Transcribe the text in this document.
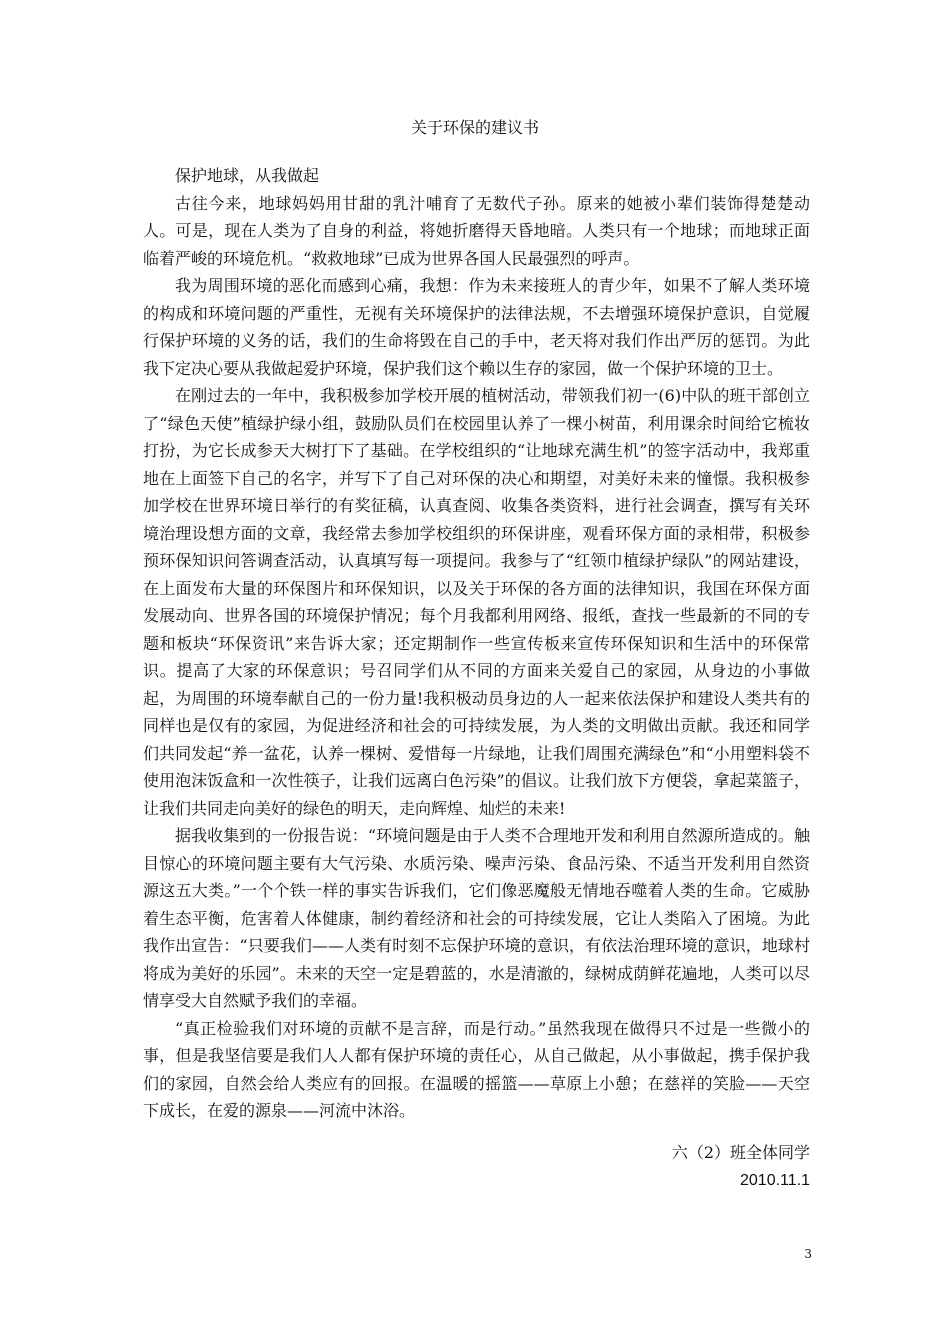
关于环保的建议书

保护地球，从我做起

古往今来，地球妈妈用甘甜的乳汁哺育了无数代子孙。原来的她被小辈们装饰得楚楚动人。可是，现在人类为了自身的利益，将她折磨得天昏地暗。人类只有一个地球；而地球正面临着严峻的环境危机。“救救地球”已成为世界各国人民最强烈的呼声。

我为周围环境的恶化而感到心痛，我想：作为未来接班人的青少年，如果不了解人类环境的构成和环境问题的严重性，无视有关环境保护的法律法规，不去增强环境保护意识，自觉履行保护环境的义务的话，我们的生命将毁在自己的手中，老天将对我们作出严厉的惩罚。为此我下定决心要从我做起爱护环境，保护我们这个赖以生存的家园，做一个保护环境的卫士。

在刚过去的一年中，我积极参加学校开展的植树活动，带领我们初一(6)中队的班干部创立了“绿色天使”植绿护绿小组，鼓励队员们在校园里认养了一棵小树苗，利用课余时间给它梳妆打扮，为它长成参天大树打下了基础。在学校组织的“让地球充满生机”的签字活动中，我郑重地在上面签下自己的名字，并写下了自己对环保的决心和期望，对美好未来的憧憬。我积极参加学校在世界环境日举行的有奖征稿，认真查阅、收集各类资料，进行社会调查，撰写有关环境治理设想方面的文章，我经常去参加学校组织的环保讲座，观看环保方面的录相带，积极参预环保知识问答调查活动，认真填写每一项提问。我参与了“红领巾植绿护绿队”的网站建设，在上面发布大量的环保图片和环保知识，以及关于环保的各方面的法律知识，我国在环保方面发展动向、世界各国的环境保护情况；每个月我都利用网络、报纸，查找一些最新的不同的专题和板块“环保资讯”来告诉大家；还定期制作一些宣传板来宣传环保知识和生活中的环保常识。提高了大家的环保意识；号召同学们从不同的方面来关爱自己的家园，从身边的小事做起，为周围的环境奉献自己的一份力量!我积极动员身边的人一起来依法保护和建设人类共有的同样也是仅有的家园，为促进经济和社会的可持续发展，为人类的文明做出贡献。我还和同学们共同发起“养一盆花，认养一棵树、爱惜每一片绿地，让我们周围充满绿色”和“小用塑料袋不使用泡沫饭盒和一次性筷子，让我们远离白色污染”的倡议。让我们放下方便袋，拿起菜篮子，让我们共同走向美好的绿色的明天，走向辉煌、灿烂的未来!

据我收集到的一份报告说：“环境问题是由于人类不合理地开发和利用自然源所造成的。触目惊心的环境问题主要有大气污染、水质污染、噪声污染、食品污染、不适当开发利用自然资源这五大类。”一个个铁一样的事实告诉我们，它们像恶魔般无情地吞噬着人类的生命。它威胁着生态平衡，危害着人体健康，制约着经济和社会的可持续发展，它让人类陷入了困境。为此我作出宣告：“只要我们——人类有时刻不忘保护环境的意识，有依法治理环境的意识，地球村将成为美好的乐园”。未来的天空一定是碧蓝的，水是清澈的，绿树成荫鲜花遍地，人类可以尽情享受大自然赋予我们的幸福。

“真正检验我们对环境的贡献不是言辞，而是行动。”虽然我现在做得只不过是一些微小的事，但是我坚信要是我们人人都有保护环境的责任心，从自己做起，从小事做起，携手保护我们的家园，自然会给人类应有的回报。在温暖的摇篮——草原上小憩；在慈祥的笑脸——天空下成长，在爱的源泉——河流中沐浴。

六（2）班全体同学
2010.11.1
3
